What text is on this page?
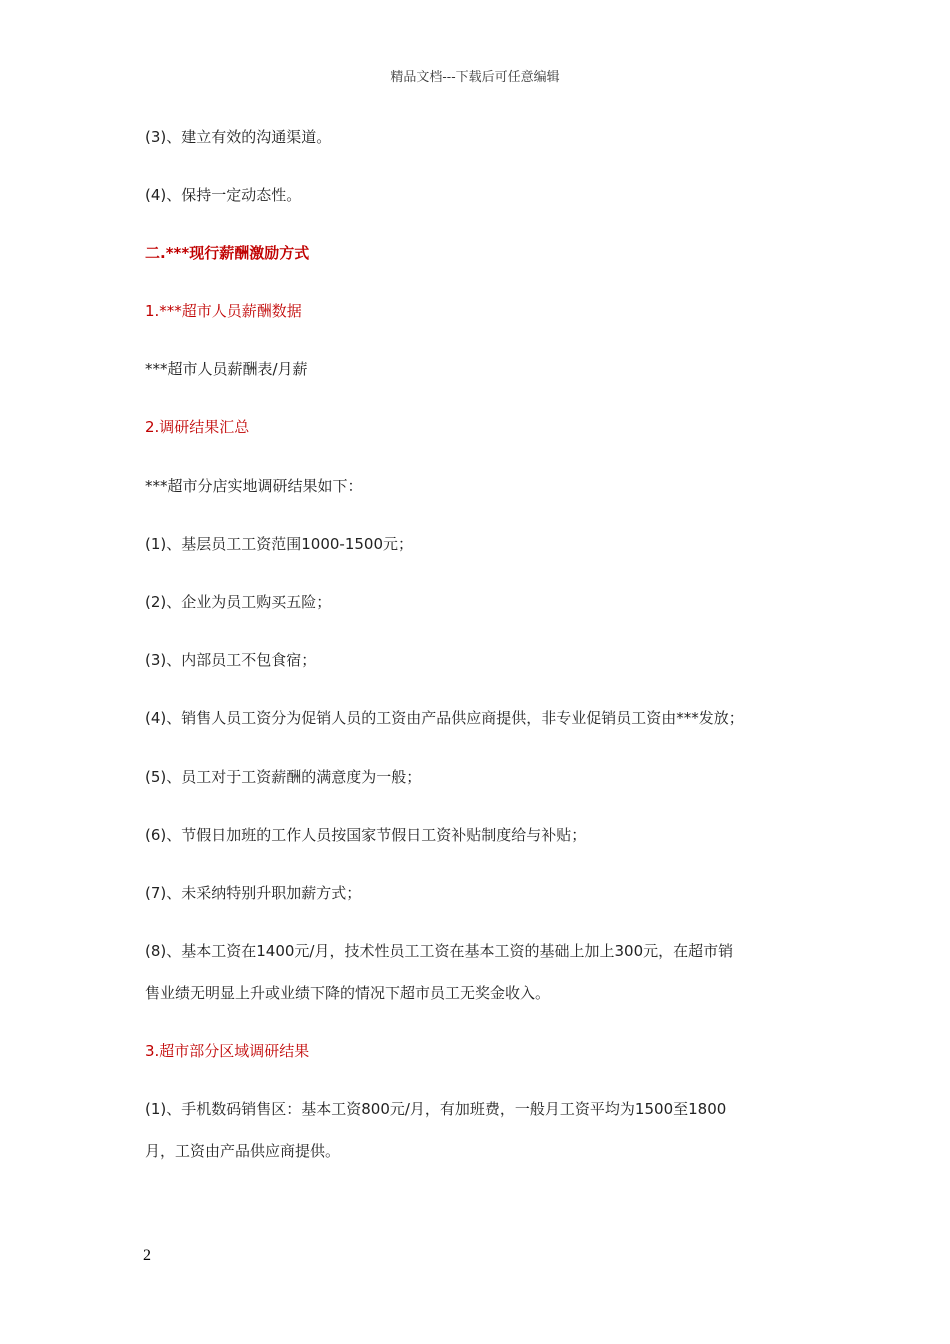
精品文档---下载后可任意编辑
(3)、建立有效的沟通渠道。
(4)、保持一定动态性。
二.***现行薪酬激励方式
1.***超市人员薪酬数据
***超市人员薪酬表/月薪
2.调研结果汇总
***超市分店实地调研结果如下：
(1)、基层员工工资范围1000-1500元；
(2)、企业为员工购买五险；
(3)、内部员工不包食宿；
(4)、销售人员工资分为促销人员的工资由产品供应商提供，非专业促销员工资由***发放；
(5)、员工对于工资薪酬的满意度为一般；
(6)、节假日加班的工作人员按国家节假日工资补贴制度给与补贴；
(7)、未采纳特别升职加薪方式；
(8)、基本工资在1400元/月，技术性员工工资在基本工资的基础上加上300元，在超市销
售业绩无明显上升或业绩下降的情况下超市员工无奖金收入。
3.超市部分区域调研结果
(1)、手机数码销售区：基本工资800元/月，有加班费，一般月工资平均为1500至1800
月，工资由产品供应商提供。
2
